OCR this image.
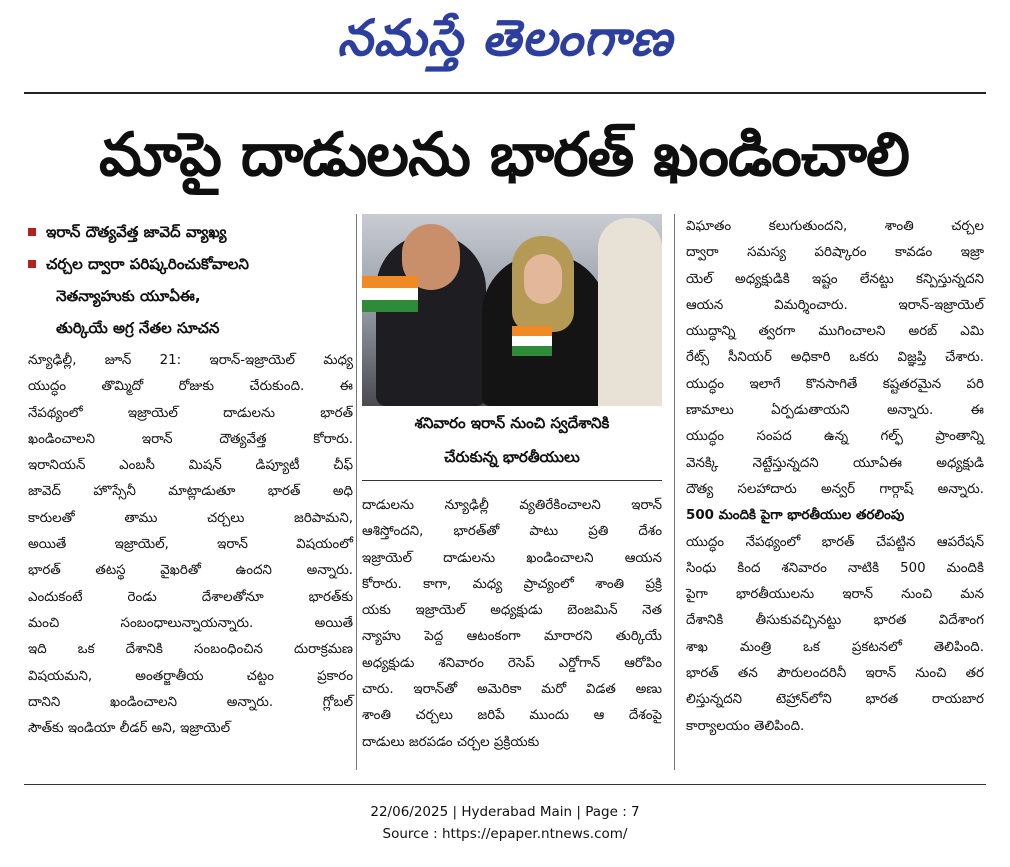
నమస్తే తెలంగాణ
మాపై దాడులను భారత్ ఖండించాలి
ఇరాన్ దౌత్యవేత్త జావెద్ వ్యాఖ్య
చర్చల ద్వారా పరిష్కరించుకోవాలని
నెతన్యాహుకు యూఏఈ,
తుర్కియే అగ్ర నేతల సూచన

న్యూఢిల్లీ, జూన్ 21: ఇరాన్-ఇజ్రాయెల్ మధ్య

యుద్ధం తొమ్మిదో రోజుకు చేరుకుంది. ఈ

నేపథ్యంలో ఇజ్రాయెల్ దాడులను భారత్

ఖండించాలని ఇరాన్ దౌత్యవేత్త కోరారు.

ఇరానియన్ ఎంబసీ మిషన్ డిప్యూటీ చీఫ్

జావెద్ హొస్సేనీ మాట్లాడుతూ భారత్ అధి

కారులతో తాము చర్చలు జరిపామని,

అయితే ఇజ్రాయెల్, ఇరాన్ విషయంలో

భారత్ తటస్థ వైఖరితో ఉందని అన్నారు.

ఎందుకంటే రెండు దేశాలతోనూ భారత్‌కు

మంచి సంబంధాలున్నాయన్నారు. అయితే

ఇది ఒక దేశానికి సంబంధించిన దురాక్రమణ

విషయమని, అంతర్జాతీయ చట్టం ప్రకారం

దానిని ఖండించాలని అన్నారు. గ్లోబల్

సౌత్‌కు ఇండియా లీడర్ అని, ఇజ్రాయెల్

శనివారం ఇరాన్ నుంచి స్వదేశానికి
చేరుకున్న భారతీయులు

దాడులను న్యూఢిల్లీ వ్యతిరేకించాలని ఇరాన్

ఆశిస్తోందని, భారత్‌తో పాటు ప్రతి దేశం

ఇజ్రాయెల్ దాడులను ఖండించాలని ఆయన

కోరారు. కాగా, మధ్య ప్రాచ్యంలో శాంతి ప్రక్రి

యకు ఇజ్రాయెల్ అధ్యక్షుడు బెంజమిన్ నెత

న్యాహు పెద్ద ఆటంకంగా మారారని తుర్కియే

అధ్యక్షుడు శనివారం రెసెప్ ఎర్డోగాన్ ఆరోపిం

చారు. ఇరాన్‌తో అమెరికా మరో విడత అణు

శాంతి చర్చలు జరిపే ముందు ఆ దేశంపై

దాడులు జరపడం చర్చల ప్రక్రియకు

విఘాతం కలుగుతుందని, శాంతి చర్చల

ద్వారా సమస్య పరిష్కారం కావడం ఇజ్రా

యెల్ అధ్యక్షుడికి ఇష్టం లేనట్టు కన్పిస్తున్నదని

ఆయన విమర్శించారు. ఇరాన్-ఇజ్రాయెల్

యుద్ధాన్ని త్వరగా ముగించాలని అరబ్ ఎమి

రేట్స్ సీనియర్ అధికారి ఒకరు విజ్ఞప్తి చేశారు.

యుద్ధం ఇలాగే కొనసాగితే కష్టతరమైన పరి

ణామాలు ఏర్పడుతాయని అన్నారు. ఈ

యుద్ధం సంపద ఉన్న గల్ఫ్ ప్రాంతాన్ని

వెనక్కి నెట్టేస్తున్నదని యూఏఈ అధ్యక్షుడి

దౌత్య సలహాదారు అన్వర్ గార్గాష్ అన్నారు.

500 మందికి పైగా భారతీయుల తరలింపు

యుద్ధం నేపథ్యంలో భారత్ చేపట్టిన ఆపరేషన్

సింధు కింద శనివారం నాటికి 500 మందికి

పైగా భారతీయులను ఇరాన్ నుంచి మన

దేశానికి తీసుకువచ్చినట్టు భారత విదేశాంగ

శాఖ మంత్రి ఒక ప్రకటనలో తెలిపింది.

భారత్ తన పౌరులందరినీ ఇరాన్ నుంచి తర

లిస్తున్నదని టెహ్రాన్‌లోని భారత రాయబార

కార్యాలయం తెలిపింది.

22/06/2025 | Hyderabad Main | Page : 7
Source : https://epaper.ntnews.com/
